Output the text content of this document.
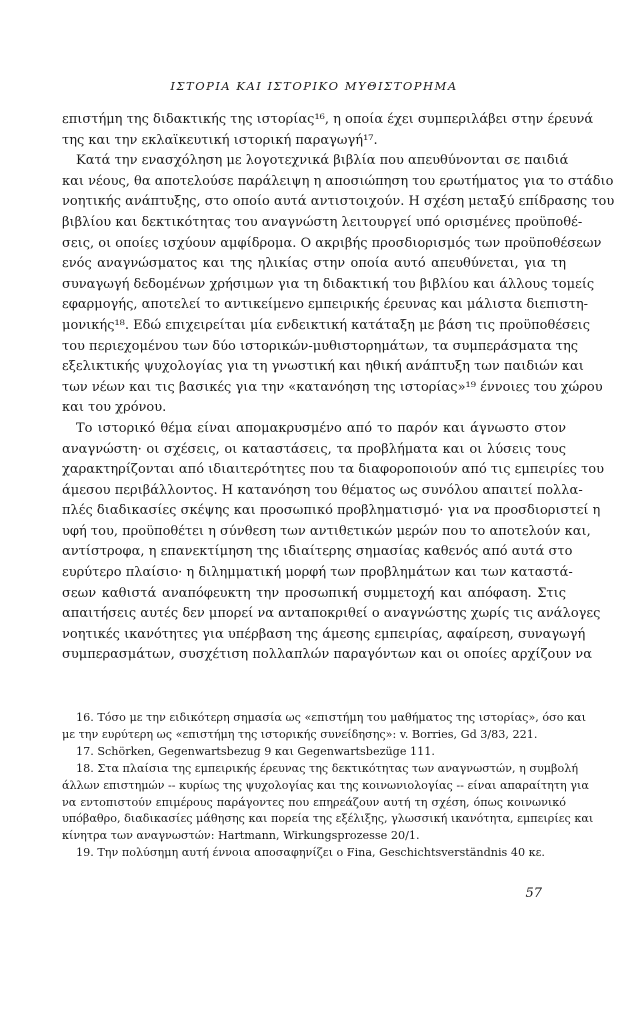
ΙΣΤΟΡΙΑ ΚΑΙ ΙΣΤΟΡΙΚΟ ΜΥΘΙΣΤΟΡΗΜΑ
επιστήμη της διδακτικής της ιστορίας¹⁶, η οποία έχει συμπεριλάβει στην έρευνά
της και την εκλαϊκευτική ιστορική παραγωγή¹⁷.
Κατά την ενασχόληση με λογοτεχνικά βιβλία που απευθύνονται σε παιδιά
και νέους, θα αποτελούσε παράλειψη η αποσιώπηση του ερωτήματος για το στάδιο
νοητικής ανάπτυξης, στο οποίο αυτά αντιστοιχούν. Η σχέση μεταξύ επίδρασης του
βιβλίου και δεκτικότητας του αναγνώστη λειτουργεί υπό ορισμένες προϋποθέ-
σεις, οι οποίες ισχύουν αμφίδρομα. Ο ακριβής προσδιορισμός των προϋποθέσεων
ενός αναγνώσματος και της ηλικίας στην οποία αυτό απευθύνεται, για τη
συναγωγή δεδομένων χρήσιμων για τη διδακτική του βιβλίου και άλλους τομείς
εφαρμογής, αποτελεί το αντικείμενο εμπειρικής έρευνας και μάλιστα διεπιστη-
μονικής¹⁸. Εδώ επιχειρείται μία ενδεικτική κατάταξη με βάση τις προϋποθέσεις
του περιεχομένου των δύο ιστορικών-μυθιστορημάτων, τα συμπεράσματα της
εξελικτικής ψυχολογίας για τη γνωστική και ηθική ανάπτυξη των παιδιών και
των νέων και τις βασικές για την «κατανόηση της ιστορίας»¹⁹ έννοιες του χώρου
και του χρόνου.
Το ιστορικό θέμα είναι απομακρυσμένο από το παρόν και άγνωστο στον
αναγνώστη· οι σχέσεις, οι καταστάσεις, τα προβλήματα και οι λύσεις τους
χαρακτηρίζονται από ιδιαιτερότητες που τα διαφοροποιούν από τις εμπειρίες του
άμεσου περιβάλλοντος. Η κατανόηση του θέματος ως συνόλου απαιτεί πολλα-
πλές διαδικασίες σκέψης και προσωπικό προβληματισμό· για να προσδιοριστεί η
υφή του, προϋποθέτει η σύνθεση των αντιθετικών μερών που το αποτελούν και,
αντίστροφα, η επανεκτίμηση της ιδιαίτερης σημασίας καθενός από αυτά στο
ευρύτερο πλαίσιο· η διλημματική μορφή των προβλημάτων και των καταστά-
σεων καθιστά αναπόφευκτη την προσωπική συμμετοχή και απόφαση. Στις
απαιτήσεις αυτές δεν μπορεί να ανταποκριθεί ο αναγνώστης χωρίς τις ανάλογες
νοητικές ικανότητες για υπέρβαση της άμεσης εμπειρίας, αφαίρεση, συναγωγή
συμπερασμάτων, συσχέτιση πολλαπλών παραγόντων και οι οποίες αρχίζουν να
16. Τόσο με την ειδικότερη σημασία ως «επιστήμη του μαθήματος της ιστορίας», όσο και
με την ευρύτερη ως «επιστήμη της ιστορικής συνείδησης»: v. Borries, Gd 3/83, 221.
17. Schörken, Gegenwartsbezug 9 και Gegenwartsbezüge 111.
18. Στα πλαίσια της εμπειρικής έρευνας της δεκτικότητας των αναγνωστών, η συμβολή
άλλων επιστημών -- κυρίως της ψυχολογίας και της κοινωνιολογίας -- είναι απαραίτητη για
να εντοπιστούν επιμέρους παράγοντες που επηρεάζουν αυτή τη σχέση, όπως κοινωνικό
υπόβαθρο, διαδικασίες μάθησης και πορεία της εξέλιξης, γλωσσική ικανότητα, εμπειρίες και
κίνητρα των αναγνωστών: Hartmann, Wirkungsprozesse 20/1.
19. Την πολύσημη αυτή έννοια αποσαφηνίζει ο Fina, Geschichtsverständnis 40 κε.
57
